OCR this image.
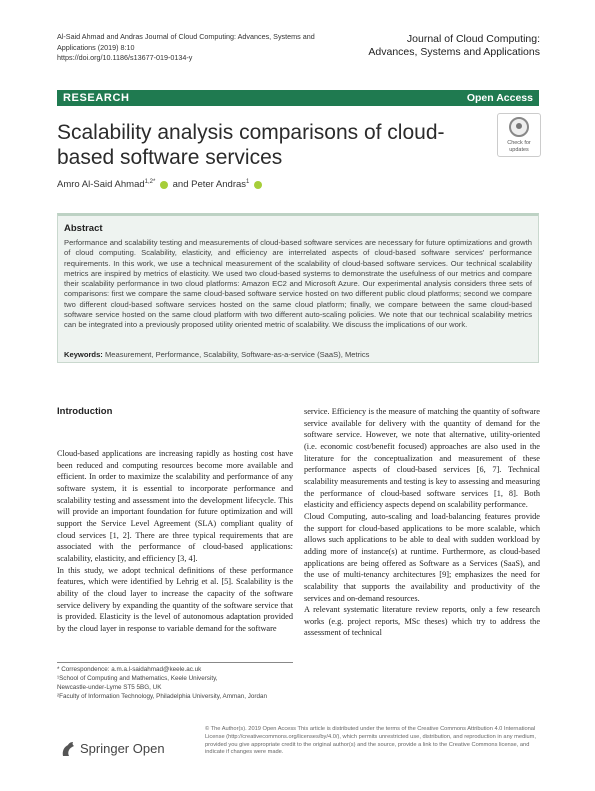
Al-Said Ahmad and Andras Journal of Cloud Computing: Advances, Systems and
Applications (2019) 8:10
https://doi.org/10.1186/s13677-019-0134-y
Journal of Cloud Computing:
Advances, Systems and Applications
RESEARCH	Open Access
Scalability analysis comparisons of cloud-
based software services
Check for
updates
Amro Al-Said Ahmad$^{1,2*}$ and Peter Andras$^1$
Abstract
Performance and scalability testing and measurements of cloud-based software services are necessary for future optimizations and growth of cloud computing. Scalability, elasticity, and efficiency are interrelated aspects of cloud-based software services’ performance requirements. In this work, we use a technical measurement of the scalability of cloud-based software services. Our technical scalability metrics are inspired by metrics of elasticity. We used two cloud-based systems to demonstrate the usefulness of our metrics and compare their scalability performance in two cloud platforms: Amazon EC2 and Microsoft Azure. Our experimental analysis considers three sets of comparisons: first we compare the same cloud-based software service hosted on two different public cloud platforms; second we compare two different cloud-based software services hosted on the same cloud platform; finally, we compare between the same cloud-based software service hosted on the same cloud platform with two different auto-scaling policies. We note that our technical scalability metrics can be integrated into a previously proposed utility oriented metric of scalability. We discuss the implications of our work.
Keywords: Measurement, Performance, Scalability, Software-as-a-service (SaaS), Metrics
Introduction
Cloud-based applications are increasing rapidly as hosting cost have been reduced and computing resources become more available and efficient. In order to maximize the scalability and performance of any software system, it is essential to incorporate performance and scalability testing and assessment into the development lifecycle. This will provide an important foundation for future optimization and will support the Service Level Agreement (SLA) compliant quality of cloud services [1, 2]. There are three typical requirements that are associated with the performance of cloud-based applications: scalability, elasticity, and efficiency [3, 4].
In this study, we adopt technical definitions of these performance features, which were identified by Lehrig et al. [5]. Scalability is the ability of the cloud layer to increase the capacity of the software service delivery by expanding the quantity of the software service that is provided. Elasticity is the level of autonomous adaptation provided by the cloud layer in response to variable demand for the software
service. Efficiency is the measure of matching the quantity of software service available for delivery with the quantity of demand for the software service. However, we note that alternative, utility-oriented (i.e. economic cost/benefit focused) approaches are also used in the literature for the conceptualization and measurement of these performance aspects of cloud-based services [6, 7]. Technical scalability measurements and testing is key to assessing and measuring the performance of cloud-based software services [1, 8]. Both elasticity and efficiency aspects depend on scalability performance.
Cloud Computing, auto-scaling and load-balancing features provide the support for cloud-based applications to be more scalable, which allows such applications to be able to deal with sudden workload by adding more of instance(s) at runtime. Furthermore, as cloud-based applications are being offered as Software as a Services (SaaS), and the use of multi-tenancy architectures [9]; emphasizes the need for scalability that supports the availability and productivity of the services and on-demand resources.
A relevant systematic literature review reports, only a few research works (e.g. project reports, MSc theses) which try to address the assessment of technical
* Correspondence: a.m.a.l-saidahmad@keele.ac.uk
¹School of Computing and Mathematics, Keele University,
Newcastle-under-Lyme ST5 5BG, UK
²Faculty of Information Technology, Philadelphia University, Amman, Jordan
Springer Open
© The Author(s). 2019 Open Access This article is distributed under the terms of the Creative Commons Attribution 4.0 International License (http://creativecommons.org/licenses/by/4.0/), which permits unrestricted use, distribution, and reproduction in any medium, provided you give appropriate credit to the original author(s) and the source, provide a link to the Creative Commons license, and indicate if changes were made.
